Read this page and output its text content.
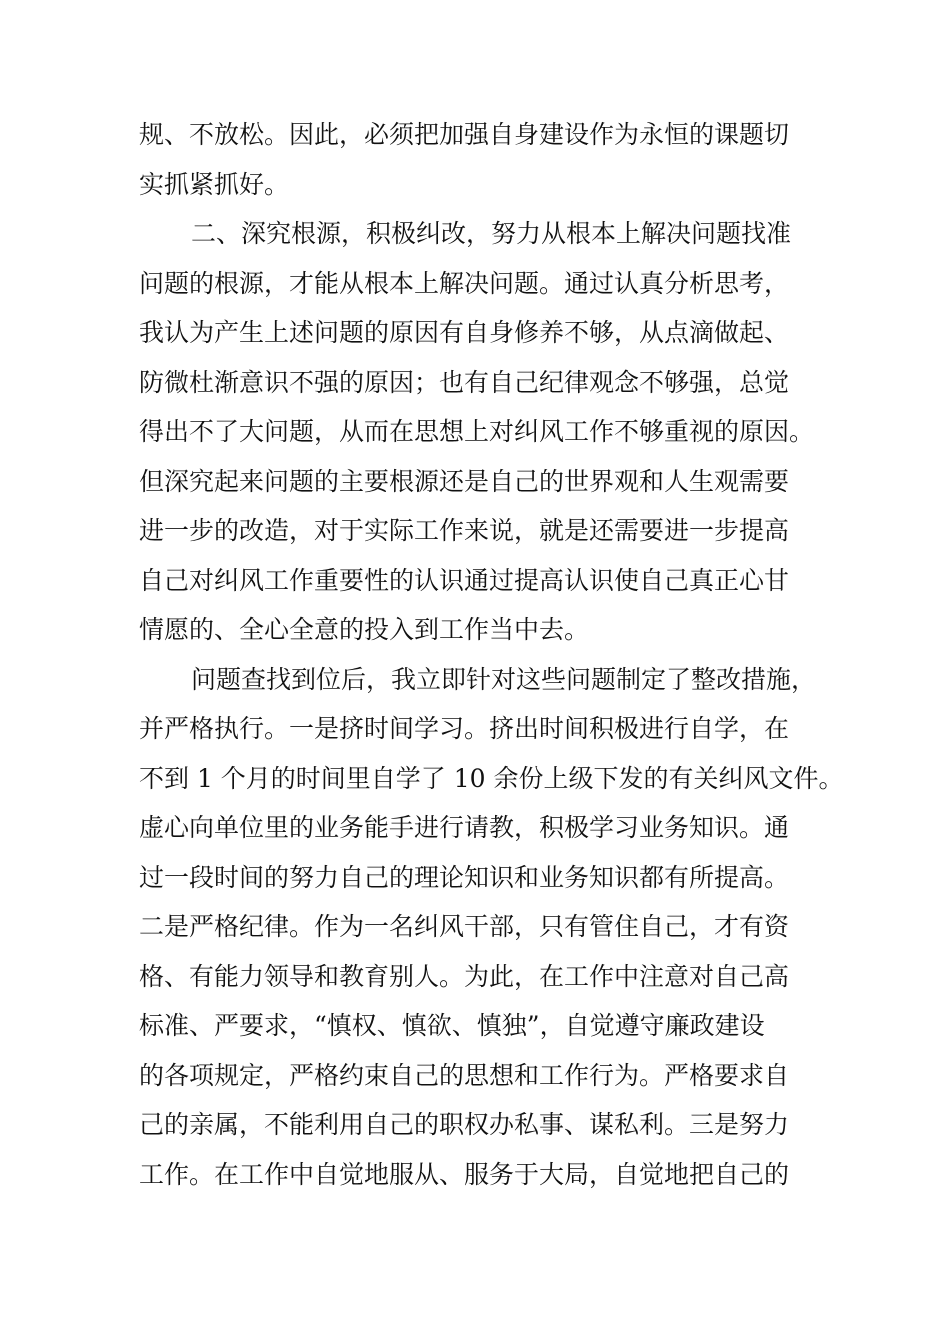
规、不放松。因此，必须把加强自身建设作为永恒的课题切
实抓紧抓好。
二、深究根源，积极纠改，努力从根本上解决问题找准
问题的根源，才能从根本上解决问题。通过认真分析思考，
我认为产生上述问题的原因有自身修养不够，从点滴做起、
防微杜渐意识不强的原因；也有自己纪律观念不够强，总觉
得出不了大问题，从而在思想上对纠风工作不够重视的原因。
但深究起来问题的主要根源还是自己的世界观和人生观需要
进一步的改造，对于实际工作来说，就是还需要进一步提高
自己对纠风工作重要性的认识通过提高认识使自己真正心甘
情愿的、全心全意的投入到工作当中去。
问题查找到位后，我立即针对这些问题制定了整改措施，
并严格执行。一是挤时间学习。挤出时间积极进行自学，在
不到 1 个月的时间里自学了 10 余份上级下发的有关纠风文件。
虚心向单位里的业务能手进行请教，积极学习业务知识。通
过一段时间的努力自己的理论知识和业务知识都有所提高。
二是严格纪律。作为一名纠风干部，只有管住自己，才有资
格、有能力领导和教育别人。为此，在工作中注意对自己高
标准、严要求，“慎权、慎欲、慎独”，自觉遵守廉政建设
的各项规定，严格约束自己的思想和工作行为。严格要求自
己的亲属，不能利用自己的职权办私事、谋私利。三是努力
工作。在工作中自觉地服从、服务于大局，自觉地把自己的
